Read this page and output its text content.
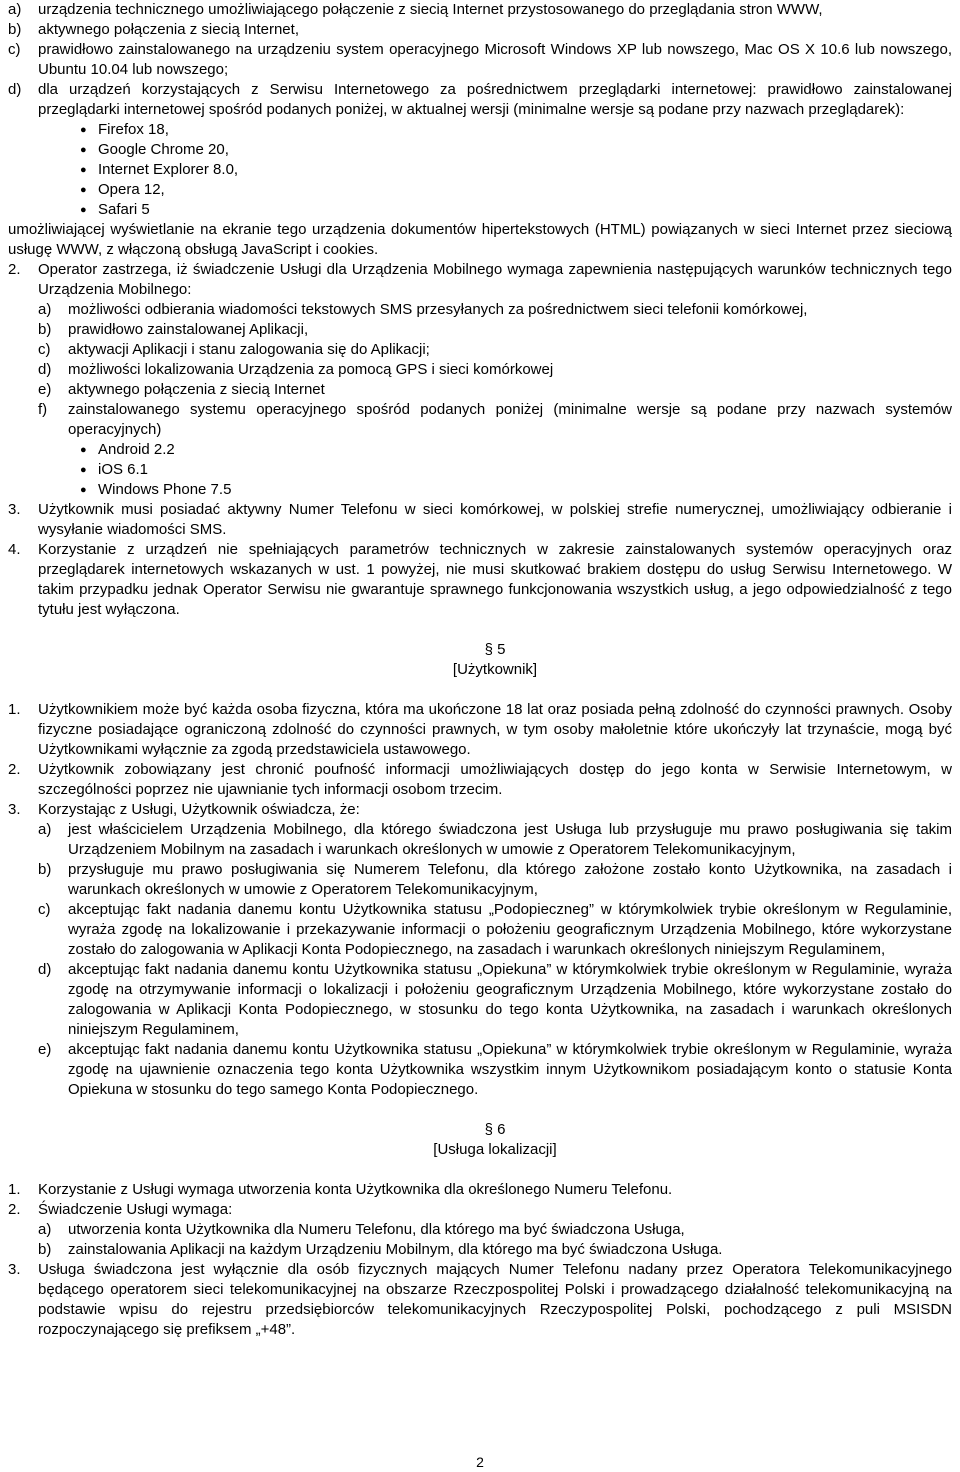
a)	urządzenia technicznego umożliwiającego połączenie z siecią Internet przystosowanego do przeglądania stron WWW,
b)	aktywnego połączenia z siecią Internet,
c)	prawidłowo zainstalowanego na urządzeniu system operacyjnego Microsoft Windows XP lub nowszego, Mac OS X 10.6 lub nowszego, Ubuntu 10.04 lub nowszego;
d)	dla urządzeń korzystających z Serwisu Internetowego za pośrednictwem przeglądarki internetowej: prawidłowo zainstalowanej przeglądarki internetowej spośród podanych poniżej, w aktualnej wersji (minimalne wersje są podane przy nazwach przeglądarek):
● Firefox 18,
● Google Chrome 20,
● Internet Explorer 8.0,
● Opera 12,
● Safari 5
umożliwiającej wyświetlanie na ekranie tego urządzenia dokumentów hipertekstowych (HTML) powiązanych w sieci Internet przez sieciową usługę WWW, z włączoną obsługą JavaScript i cookies.
2.	Operator zastrzega, iż świadczenie Usługi dla Urządzenia Mobilnego wymaga zapewnienia następujących warunków technicznych tego Urządzenia Mobilnego:
a)	możliwości odbierania wiadomości tekstowych SMS przesyłanych za pośrednictwem sieci telefonii komórkowej,
b)	prawidłowo zainstalowanej Aplikacji,
c)	aktywacji Aplikacji i stanu zalogowania się do Aplikacji;
d)	możliwości lokalizowania Urządzenia za pomocą GPS i sieci komórkowej
e)	aktywnego połączenia z siecią Internet
f)	zainstalowanego systemu operacyjnego spośród podanych poniżej (minimalne wersje są podane przy nazwach systemów operacyjnych)
● Android 2.2
● iOS 6.1
● Windows Phone 7.5
3.	Użytkownik musi posiadać aktywny Numer Telefonu w sieci komórkowej, w polskiej strefie numerycznej, umożliwiający odbieranie i wysyłanie wiadomości SMS.
4.	Korzystanie z urządzeń nie spełniających parametrów technicznych w zakresie zainstalowanych systemów operacyjnych oraz przeglądarek internetowych wskazanych w ust. 1 powyżej, nie musi skutkować brakiem dostępu do usług Serwisu Internetowego. W takim przypadku jednak Operator Serwisu nie gwarantuje sprawnego funkcjonowania wszystkich usług, a jego odpowiedzialność z tego tytułu jest wyłączona.
§ 5
[Użytkownik]
1.	Użytkownikiem może być każda osoba fizyczna, która ma ukończone 18 lat oraz posiada pełną zdolność do czynności prawnych. Osoby fizyczne posiadające ograniczoną zdolność do czynności prawnych, w tym osoby małoletnie które ukończyły lat trzynaście, mogą być Użytkownikami wyłącznie za zgodą przedstawiciela ustawowego.
2.	Użytkownik zobowiązany jest chronić poufność informacji umożliwiających dostęp do jego konta w Serwisie Internetowym, w szczególności poprzez nie ujawnianie tych informacji osobom trzecim.
3.	Korzystając z Usługi, Użytkownik oświadcza, że:
a)	jest właścicielem Urządzenia Mobilnego, dla którego świadczona jest Usługa lub przysługuje mu prawo posługiwania się takim Urządzeniem Mobilnym na zasadach i warunkach określonych w umowie z Operatorem Telekomunikacyjnym,
b)	przysługuje mu prawo posługiwania się Numerem Telefonu, dla którego założone zostało konto Użytkownika, na zasadach i warunkach określonych w umowie z Operatorem Telekomunikacyjnym,
c)	akceptując fakt nadania danemu kontu Użytkownika statusu „Podopieczneg” w którymkolwiek trybie określonym w Regulaminie, wyraża zgodę na lokalizowanie i przekazywanie informacji o położeniu geograficznym Urządzenia Mobilnego, które wykorzystane zostało do zalogowania w Aplikacji Konta Podopiecznego, na zasadach i warunkach określonych niniejszym Regulaminem,
d)	akceptując fakt nadania danemu kontu Użytkownika statusu „Opiekuna” w którymkolwiek trybie określonym w Regulaminie, wyraża zgodę na otrzymywanie informacji o lokalizacji i położeniu geograficznym Urządzenia Mobilnego, które wykorzystane zostało do zalogowania w Aplikacji Konta Podopiecznego, w stosunku do tego konta Użytkownika, na zasadach i warunkach określonych niniejszym Regulaminem,
e)	akceptując fakt nadania danemu kontu Użytkownika statusu „Opiekuna” w którymkolwiek trybie określonym w Regulaminie, wyraża zgodę na ujawnienie oznaczenia tego konta Użytkownika wszystkim innym Użytkownikom posiadającym konto o statusie Konta Opiekuna w stosunku do tego samego Konta Podopiecznego.
§ 6
[Usługa lokalizacji]
1.	Korzystanie z Usługi wymaga utworzenia konta Użytkownika dla określonego Numeru Telefonu.
2.	Świadczenie Usługi wymaga:
a)	utworzenia konta Użytkownika dla Numeru Telefonu, dla którego ma być świadczona Usługa,
b)	zainstalowania Aplikacji na każdym Urządzeniu Mobilnym, dla którego ma być świadczona Usługa.
3.	Usługa świadczona jest wyłącznie dla osób fizycznych mających Numer Telefonu nadany przez Operatora Telekomunikacyjnego będącego operatorem sieci telekomunikacyjnej na obszarze Rzeczpospolitej Polski i prowadzącego działalność telekomunikacyjną na podstawie wpisu do rejestru przedsiębiorców telekomunikacyjnych Rzeczypospolitej Polski, pochodzącego z puli MSISDN rozpoczynającego się prefiksem „+48”.
2
